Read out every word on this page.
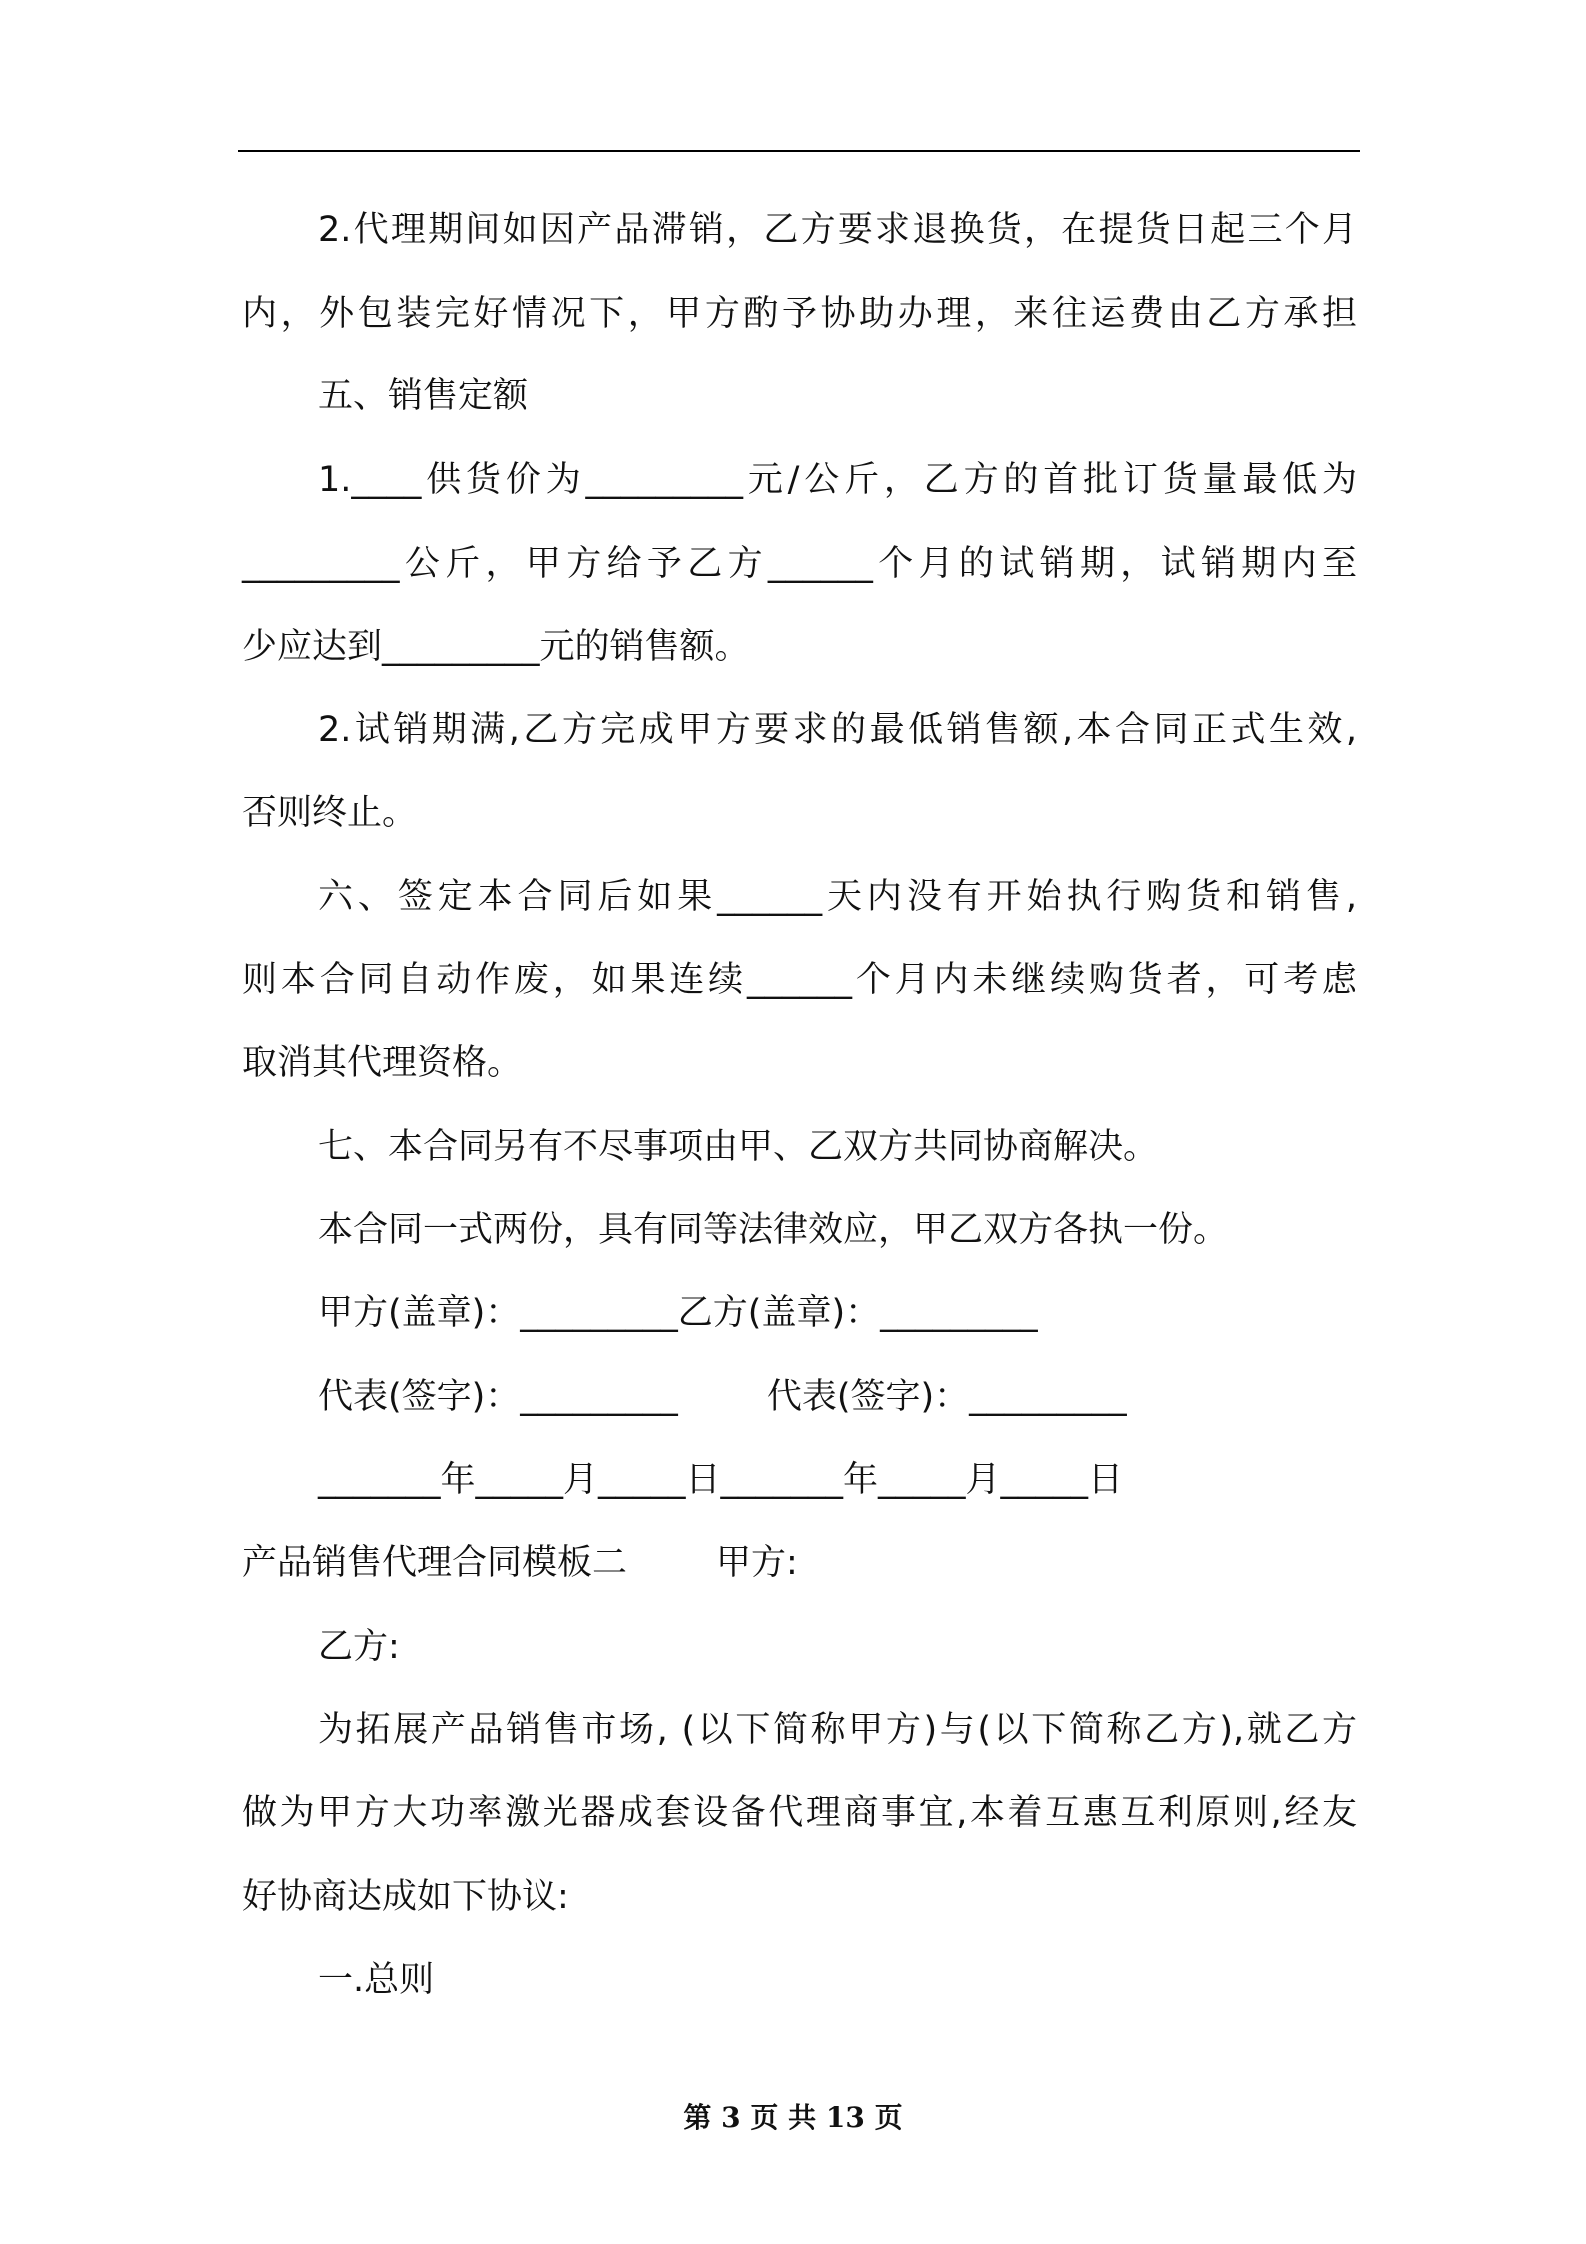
2.代理期间如因产品滞销，乙方要求退换货，在提货日起三个月
内，外包装完好情况下，甲方酌予协助办理，来往运费由乙方承担
五、销售定额
1.____供货价为_________元/公斤，乙方的首批订货量最低为
_________公斤，甲方给予乙方______个月的试销期，试销期内至
少应达到_________元的销售额。
2.试销期满,乙方完成甲方要求的最低销售额,本合同正式生效,
否则终止。
六、签定本合同后如果______天内没有开始执行购货和销售,
则本合同自动作废，如果连续______个月内未继续购货者，可考虑
取消其代理资格。
七、本合同另有不尽事项由甲、乙双方共同协商解决。
本合同一式两份，具有同等法律效应，甲乙双方各执一份。
甲方(盖章)：_________乙方(盖章)：_________
代表(签字)：_________        代表(签字)：_________
_______年_____月_____日_______年_____月_____日
产品销售代理合同模板二        甲方:
乙方:
为拓展产品销售市场, (以下简称甲方)与(以下简称乙方),就乙方
做为甲方大功率激光器成套设备代理商事宜,本着互惠互利原则,经友
好协商达成如下协议:
一.总则
第 3 页 共 13 页
